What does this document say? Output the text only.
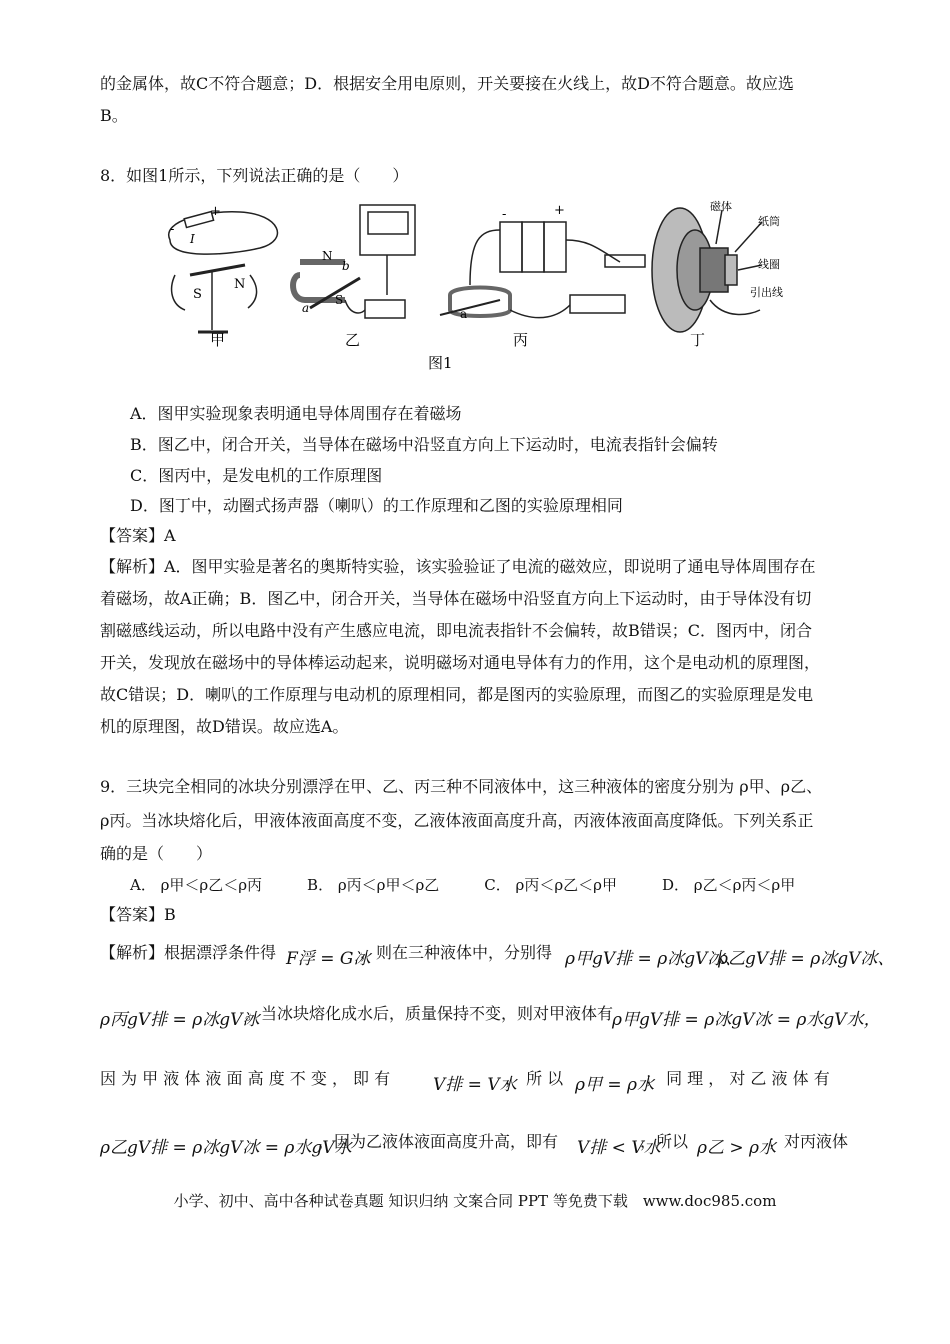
的金属体，故C不符合题意；D．根据安全用电原则，开关要接在火线上，故D不符合题意。故应选
B。
8．如图1所示，下列说法正确的是（　　）
I
S
N
-
+
N
S
b
a	a
-	+	磁体
纸筒
线圈
引出线
甲	乙	丙	丁
图1
A．图甲实验现象表明通电导体周围存在着磁场
B．图乙中，闭合开关，当导体在磁场中沿竖直方向上下运动时，电流表指针会偏转
C．图丙中，是发电机的工作原理图
D．图丁中，动圈式扬声器（喇叭）的工作原理和乙图的实验原理相同
【答案】A
【解析】A．图甲实验是著名的奥斯特实验，该实验验证了电流的磁效应，即说明了通电导体周围存在
着磁场，故A正确；B．图乙中，闭合开关，当导体在磁场中沿竖直方向上下运动时，由于导体没有切
割磁感线运动，所以电路中没有产生感应电流，即电流表指针不会偏转，故B错误；C．图丙中，闭合
开关，发现放在磁场中的导体棒运动起来，说明磁场对通电导体有力的作用，这个是电动机的原理图，
故C错误；D．喇叭的工作原理与电动机的原理相同，都是图丙的实验原理，而图乙的实验原理是发电
机的原理图，故D错误。故应选A。
9．三块完全相同的冰块分别漂浮在甲、乙、丙三种不同液体中，这三种液体的密度分别为 ρ甲、ρ乙、
ρ丙。当冰块熔化后，甲液体液面高度不变，乙液体液面高度升高，丙液体液面高度降低。下列关系正
确的是（　　）
A． ρ甲＜ρ乙＜ρ丙　　　B． ρ丙＜ρ甲＜ρ乙　　　C． ρ丙＜ρ乙＜ρ甲　　　D． ρ乙＜ρ丙＜ρ甲
【答案】B
【解析】根据漂浮条件得 F浮 = G冰
，则在三种液体中，分别得 ρ甲gV排 = ρ冰gV冰、
ρ乙gV排 = ρ冰gV冰、
ρ丙gV排 = ρ冰gV冰
。当冰块熔化成水后，质量保持不变，则对甲液体有
ρ甲gV排 = ρ冰gV冰 = ρ水gV水，
因 为 甲 液 体 液 面 高 度 不 变 ， 即 有	V排 = V水
， 所 以 ρ甲 = ρ水
； 同 理 ， 对 乙 液 体 有
ρ乙gV排 = ρ冰gV冰 = ρ水gV水
，因为乙液体液面高度升高，即有 V排 < V水
，所以 ρ乙 > ρ水
；对丙液体
小学、初中、高中各种试卷真题 知识归纳 文案合同 PPT 等免费下载　www.doc985.com
